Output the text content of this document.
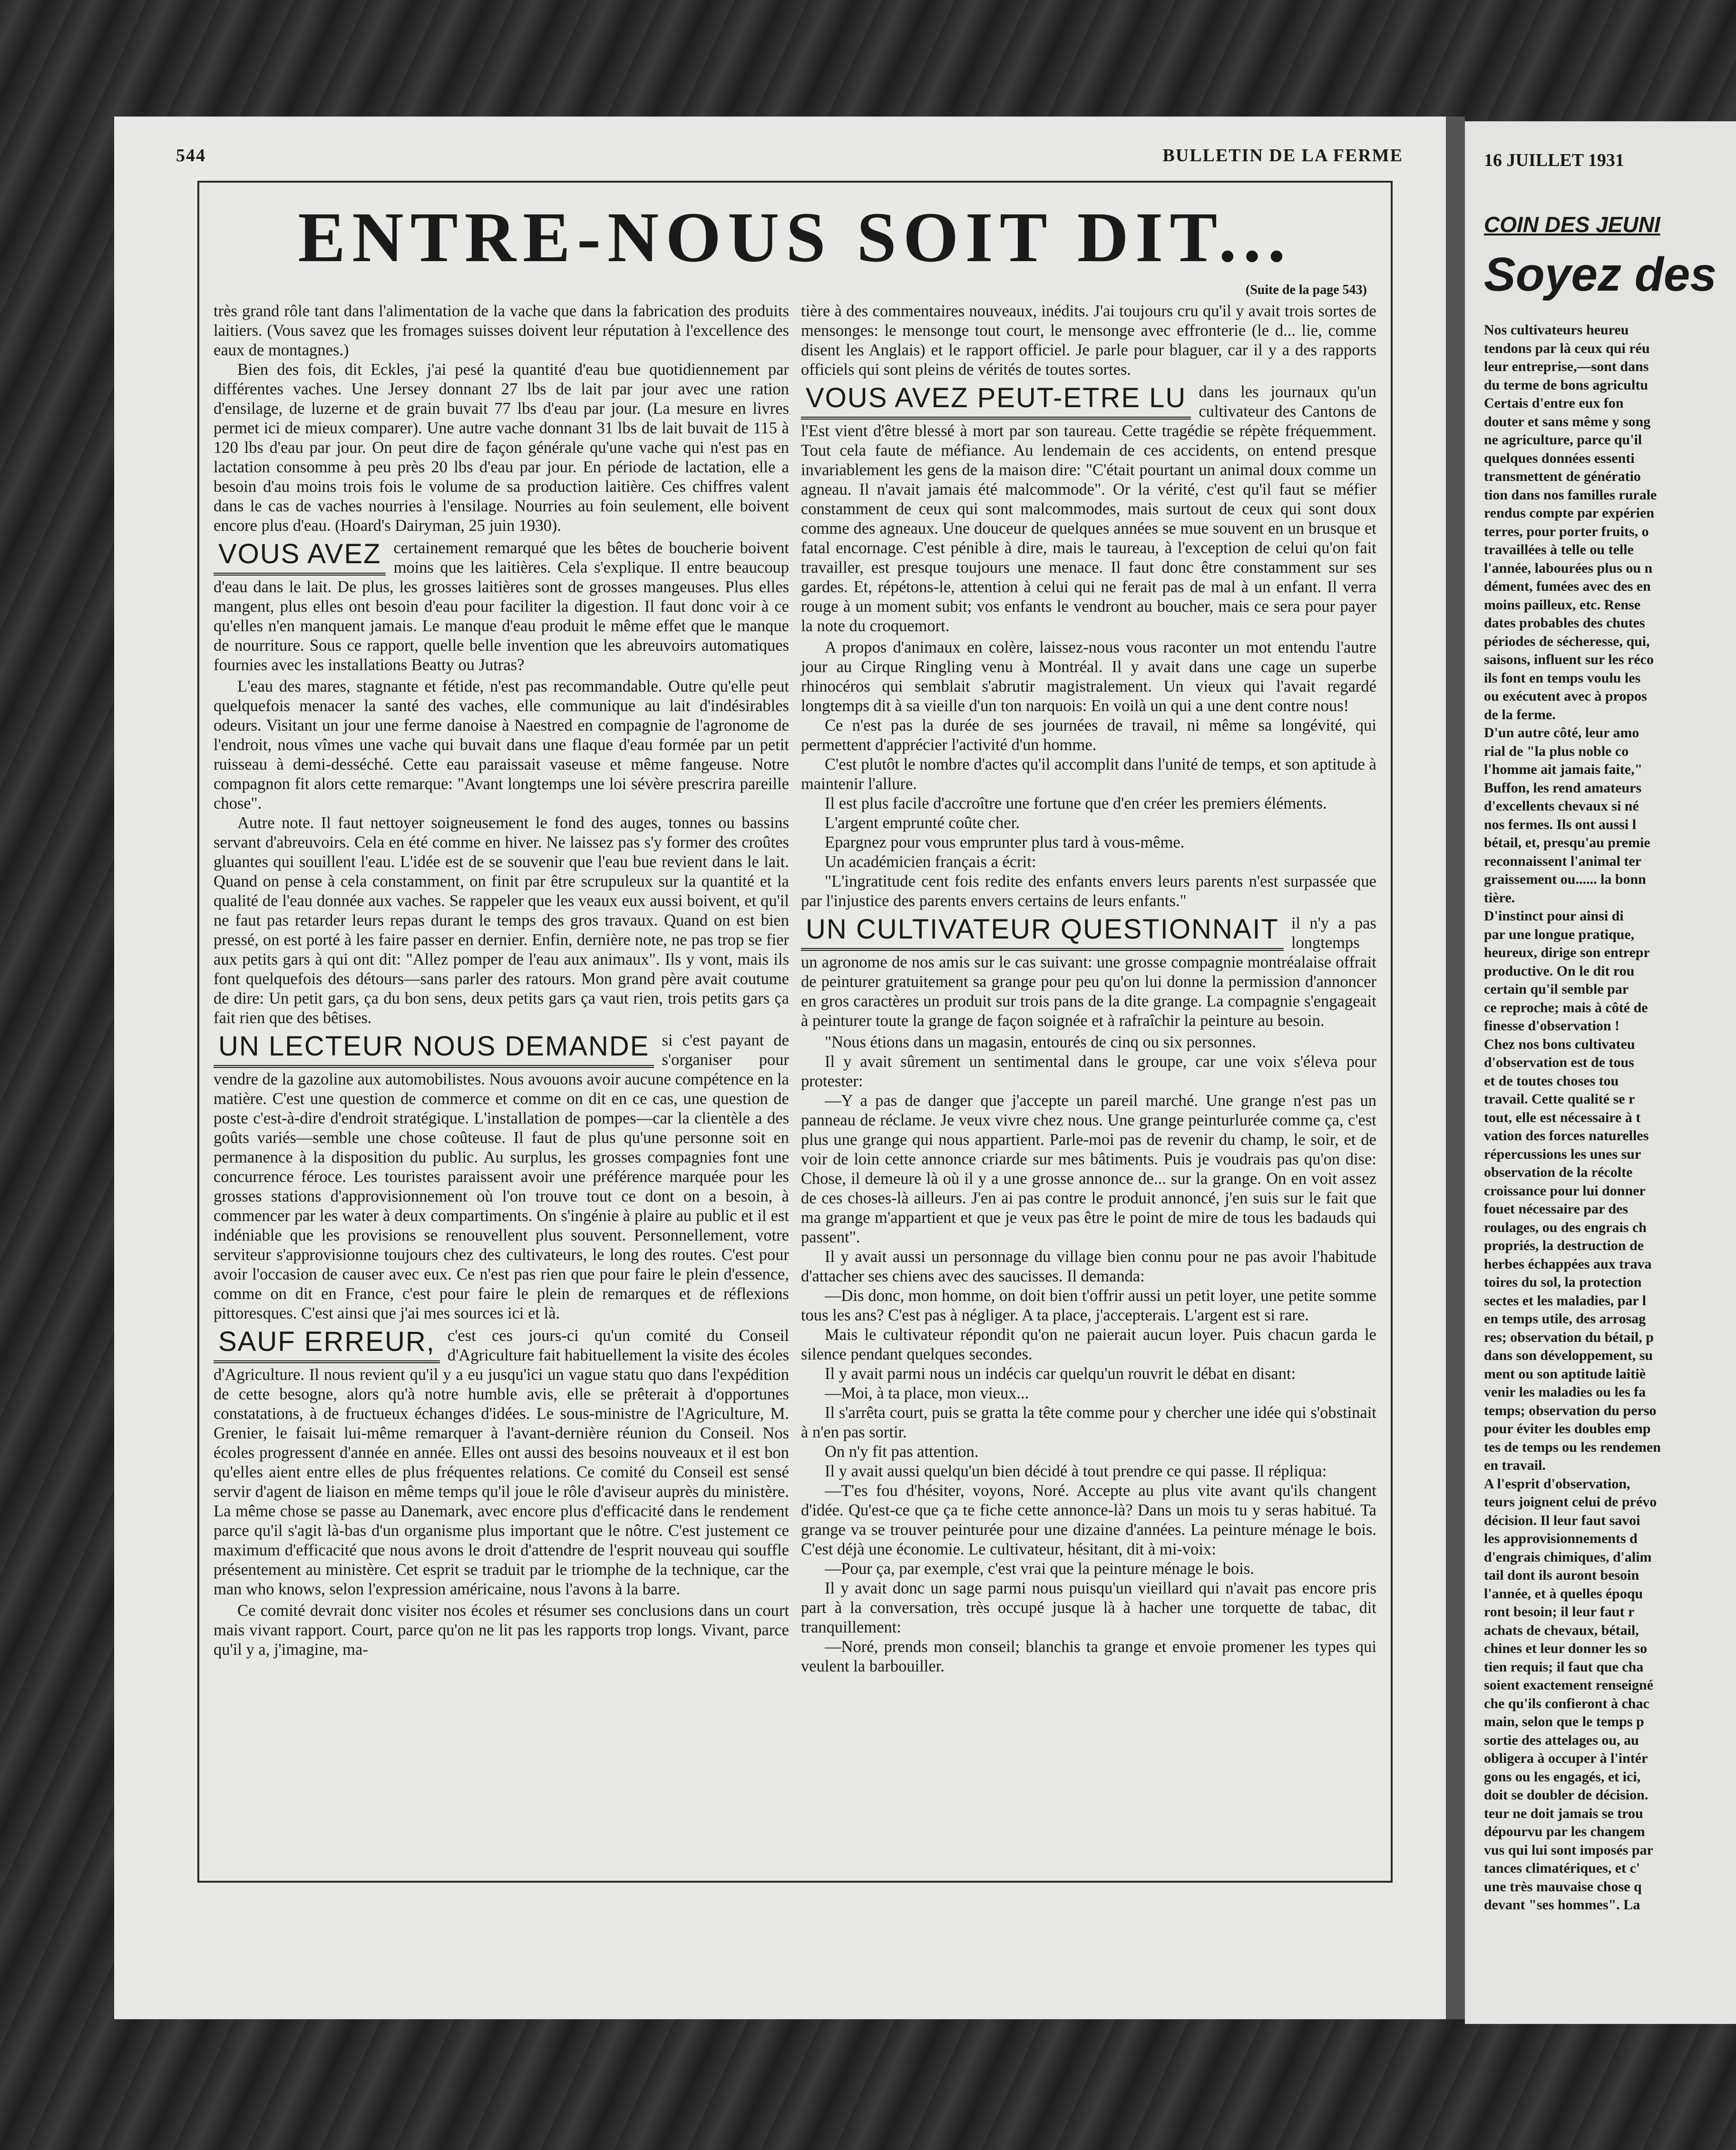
544	BULLETIN DE LA FERME
ENTRE-NOUS SOIT DIT...
(Suite de la page 543)

très grand rôle tant dans l'alimentation de la vache que dans la fabrication des produits laitiers. (Vous savez que les fromages suisses doivent leur réputation à l'excellence des eaux de montagnes.)

Bien des fois, dit Eckles, j'ai pesé la quantité d'eau bue quotidiennement par différentes vaches. Une Jersey donnant 27 lbs de lait par jour avec une ration d'ensilage, de luzerne et de grain buvait 77 lbs d'eau par jour. (La mesure en livres permet ici de mieux comparer). Une autre vache donnant 31 lbs de lait buvait de 115 à 120 lbs d'eau par jour. On peut dire de façon générale qu'une vache qui n'est pas en lactation consomme à peu près 20 lbs d'eau par jour. En période de lactation, elle a besoin d'au moins trois fois le volume de sa production laitière. Ces chiffres valent dans le cas de vaches nourries à l'ensilage. Nourries au foin seulement, elle boivent encore plus d'eau. (Hoard's Dairyman, 25 juin 1930).

VOUS AVEZ certainement remarqué que les bêtes de boucherie boivent moins que les laitières. Cela s'explique. Il entre beaucoup d'eau dans le lait. De plus, les grosses laitières sont de grosses mangeuses. Plus elles mangent, plus elles ont besoin d'eau pour faciliter la digestion. Il faut donc voir à ce qu'elles n'en manquent jamais. Le manque d'eau produit le même effet que le manque de nourriture. Sous ce rapport, quelle belle invention que les abreuvoirs automatiques fournies avec les installations Beatty ou Jutras?

L'eau des mares, stagnante et fétide, n'est pas recommandable. Outre qu'elle peut quelquefois menacer la santé des vaches, elle communique au lait d'indésirables odeurs. Visitant un jour une ferme danoise à Naestred en compagnie de l'agronome de l'endroit, nous vîmes une vache qui buvait dans une flaque d'eau formée par un petit ruisseau à demi-desséché. Cette eau paraissait vaseuse et même fangeuse. Notre compagnon fit alors cette remarque: "Avant longtemps une loi sévère prescrira pareille chose".

Autre note. Il faut nettoyer soigneusement le fond des auges, tonnes ou bassins servant d'abreuvoirs. Cela en été comme en hiver. Ne laissez pas s'y former des croûtes gluantes qui souillent l'eau. L'idée est de se souvenir que l'eau bue revient dans le lait. Quand on pense à cela constamment, on finit par être scrupuleux sur la quantité et la qualité de l'eau donnée aux vaches. Se rappeler que les veaux eux aussi boivent, et qu'il ne faut pas retarder leurs repas durant le temps des gros travaux. Quand on est bien pressé, on est porté à les faire passer en dernier. Enfin, dernière note, ne pas trop se fier aux petits gars à qui ont dit: "Allez pomper de l'eau aux animaux". Ils y vont, mais ils font quelquefois des détours—sans parler des ratours. Mon grand père avait coutume de dire: Un petit gars, ça du bon sens, deux petits gars ça vaut rien, trois petits gars ça fait rien que des bêtises.

UN LECTEUR NOUS DEMANDE si c'est payant de s'organiser pour vendre de la gazoline aux automobilistes. Nous avouons avoir aucune compétence en la matière. C'est une question de commerce et comme on dit en ce cas, une question de poste c'est-à-dire d'endroit stratégique. L'installation de pompes—car la clientèle a des goûts variés—semble une chose coûteuse. Il faut de plus qu'une personne soit en permanence à la disposition du public. Au surplus, les grosses compagnies font une concurrence féroce. Les touristes paraissent avoir une préférence marquée pour les grosses stations d'approvisionnement où l'on trouve tout ce dont on a besoin, à commencer par les water à deux compartiments. On s'ingénie à plaire au public et il est indéniable que les provisions se renouvellent plus souvent. Personnellement, votre serviteur s'approvisionne toujours chez des cultivateurs, le long des routes. C'est pour avoir l'occasion de causer avec eux. Ce n'est pas rien que pour faire le plein d'essence, comme on dit en France, c'est pour faire le plein de remarques et de réflexions pittoresques. C'est ainsi que j'ai mes sources ici et là.
SAUF ERREUR, c'est ces jours-ci qu'un comité du Conseil d'Agriculture fait habituellement la visite des écoles d'Agriculture. Il nous revient qu'il y a eu jusqu'ici un vague statu quo dans l'expédition de cette besogne, alors qu'à notre humble avis, elle se prêterait à d'opportunes constatations, à de fructueux échanges d'idées. Le sous-ministre de l'Agriculture, M. Grenier, le faisait lui-même remarquer à l'avant-dernière réunion du Conseil. Nos écoles progressent d'année en année. Elles ont aussi des besoins nouveaux et il est bon qu'elles aient entre elles de plus fréquentes relations. Ce comité du Conseil est sensé servir d'agent de liaison en même temps qu'il joue le rôle d'aviseur auprès du ministère. La même chose se passe au Danemark, avec encore plus d'efficacité dans le rendement parce qu'il s'agit là-bas d'un organisme plus important que le nôtre. C'est justement ce maximum d'efficacité que nous avons le droit d'attendre de l'esprit nouveau qui souffle présentement au ministère. Cet esprit se traduit par le triomphe de la technique, car the man who knows, selon l'expression américaine, nous l'avons à la barre.

Ce comité devrait donc visiter nos écoles et résumer ses conclusions dans un court mais vivant rapport. Court, parce qu'on ne lit pas les rapports trop longs. Vivant, parce qu'il y a, j'imagine, ma-

tière à des commentaires nouveaux, inédits. J'ai toujours cru qu'il y avait trois sortes de mensonges: le mensonge tout court, le mensonge avec effronterie (le d... lie, comme disent les Anglais) et le rapport officiel. Je parle pour blaguer, car il y a des rapports officiels qui sont pleins de vérités de toutes sortes.

VOUS AVEZ PEUT-ETRE LU dans les journaux qu'un cultivateur des Cantons de l'Est vient d'être blessé à mort par son taureau. Cette tragédie se répète fréquemment. Tout cela faute de méfiance. Au lendemain de ces accidents, on entend presque invariablement les gens de la maison dire: "C'était pourtant un animal doux comme un agneau. Il n'avait jamais été malcommode". Or la vérité, c'est qu'il faut se méfier constamment de ceux qui sont malcommodes, mais surtout de ceux qui sont doux comme des agneaux. Une douceur de quelques années se mue souvent en un brusque et fatal encornage. C'est pénible à dire, mais le taureau, à l'exception de celui qu'on fait travailler, est presque toujours une menace. Il faut donc être constamment sur ses gardes. Et, répétons-le, attention à celui qui ne ferait pas de mal à un enfant. Il verra rouge à un moment subit; vos enfants le vendront au boucher, mais ce sera pour payer la note du croquemort.

A propos d'animaux en colère, laissez-nous vous raconter un mot entendu l'autre jour au Cirque Ringling venu à Montréal. Il y avait dans une cage un superbe rhinocéros qui semblait s'abrutir magistralement. Un vieux qui l'avait regardé longtemps dit à sa vieille d'un ton narquois: En voilà un qui a une dent contre nous!

Ce n'est pas la durée de ses journées de travail, ni même sa longévité, qui permettent d'apprécier l'activité d'un homme.

C'est plutôt le nombre d'actes qu'il accomplit dans l'unité de temps, et son aptitude à maintenir l'allure.

Il est plus facile d'accroître une fortune que d'en créer les premiers éléments.

L'argent emprunté coûte cher.

Epargnez pour vous emprunter plus tard à vous-même.

Un académicien français a écrit:

"L'ingratitude cent fois redite des enfants envers leurs parents n'est surpassée que par l'injustice des parents envers certains de leurs enfants."

UN CULTIVATEUR QUESTIONNAIT il n'y a pas longtemps un agronome de nos amis sur le cas suivant: une grosse compagnie montréalaise offrait de peinturer gratuitement sa grange pour peu qu'on lui donne la permission d'annoncer en gros caractères un produit sur trois pans de la dite grange. La compagnie s'engageait à peinturer toute la grange de façon soignée et à rafraîchir la peinture au besoin.

"Nous étions dans un magasin, entourés de cinq ou six personnes.

Il y avait sûrement un sentimental dans le groupe, car une voix s'éleva pour protester:

—Y a pas de danger que j'accepte un pareil marché. Une grange n'est pas un panneau de réclame. Je veux vivre chez nous. Une grange peinturlurée comme ça, c'est plus une grange qui nous appartient. Parle-moi pas de revenir du champ, le soir, et de voir de loin cette annonce criarde sur mes bâtiments. Puis je voudrais pas qu'on dise: Chose, il demeure là où il y a une grosse annonce de... sur la grange. On en voit assez de ces choses-là ailleurs. J'en ai pas contre le produit annoncé, j'en suis sur le fait que ma grange m'appartient et que je veux pas être le point de mire de tous les badauds qui passent".

Il y avait aussi un personnage du village bien connu pour ne pas avoir l'habitude d'attacher ses chiens avec des saucisses. Il demanda:

—Dis donc, mon homme, on doit bien t'offrir aussi un petit loyer, une petite somme tous les ans? C'est pas à négliger. A ta place, j'accepterais. L'argent est si rare.

Mais le cultivateur répondit qu'on ne paierait aucun loyer. Puis chacun garda le silence pendant quelques secondes.

Il y avait parmi nous un indécis car quelqu'un rouvrit le débat en disant:

—Moi, à ta place, mon vieux...

Il s'arrêta court, puis se gratta la tête comme pour y chercher une idée qui s'obstinait à n'en pas sortir.

On n'y fit pas attention.

Il y avait aussi quelqu'un bien décidé à tout prendre ce qui passe. Il répliqua:

—T'es fou d'hésiter, voyons, Noré. Accepte au plus vite avant qu'ils changent d'idée. Qu'est-ce que ça te fiche cette annonce-là? Dans un mois tu y seras habitué. Ta grange va se trouver peinturée pour une dizaine d'années. La peinture ménage le bois. C'est déjà une économie. Le cultivateur, hésitant, dit à mi-voix:

—Pour ça, par exemple, c'est vrai que la peinture ménage le bois.

Il y avait donc un sage parmi nous puisqu'un vieillard qui n'avait pas encore pris part à la conversation, très occupé jusque là à hacher une torquette de tabac, dit tranquillement:

—Noré, prends mon conseil; blanchis ta grange et envoie promener les types qui veulent la barbouiller.

16 JUILLET 1931
COIN DES JEUNI
Soyez des
Nos cultivateurs heureu
tendons par là ceux qui réu
leur entreprise,—sont dans
du terme de bons agricultu
Certais d'entre eux fon
douter et sans même y song
ne agriculture, parce qu'il
quelques données essenti
transmettent de génératio
tion dans nos familles rurale
rendus compte par expérien
terres, pour porter fruits, o
travaillées à telle ou telle
l'année, labourées plus ou n
dément, fumées avec des en
moins pailleux, etc. Rense
dates probables des chutes
périodes de sécheresse, qui,
saisons, influent sur les réco
ils font en temps voulu les
ou exécutent avec à propos
de la ferme.
D'un autre côté, leur amo
rial de "la plus noble co
l'homme ait jamais faite,"
Buffon, les rend amateurs
d'excellents chevaux si né
nos fermes. Ils ont aussi l
bétail, et, presqu'au premie
reconnaissent l'animal ter
graissement ou...... la bonn
tière.
D'instinct pour ainsi di
par une longue pratique,
heureux, dirige son entrepr
productive. On le dit rou
certain qu'il semble par
ce reproche; mais à côté de
finesse d'observation !
Chez nos bons cultivateu
d'observation est de tous
et de toutes choses tou
travail. Cette qualité se r
tout, elle est nécessaire à t
vation des forces naturelles
répercussions les unes sur
observation de la récolte
croissance pour lui donner
fouet nécessaire par des
roulages, ou des engrais ch
propriés, la destruction de
herbes échappées aux trava
toires du sol, la protection
sectes et les maladies, par l
en temps utile, des arrosag
res; observation du bétail, p
dans son développement, su
ment ou son aptitude laitiè
venir les maladies ou les fa
temps; observation du perso
pour éviter les doubles emp
tes de temps ou les rendemen
en travail.
A l'esprit d'observation,
teurs joignent celui de prévo
décision. Il leur faut savoi
les approvisionnements d
d'engrais chimiques, d'alim
tail dont ils auront besoin
l'année, et à quelles époqu
ront besoin; il leur faut r
achats de chevaux, bétail,
chines et leur donner les so
tien requis; il faut que cha
soient exactement renseigné
che qu'ils confieront à chac
main, selon que le temps p
sortie des attelages ou, au
obligera à occuper à l'intér
gons ou les engagés, et ici,
doit se doubler de décision.
teur ne doit jamais se trou
dépourvu par les changem
vus qui lui sont imposés par
tances climatériques, et c'
une très mauvaise chose q
devant "ses hommes". La
